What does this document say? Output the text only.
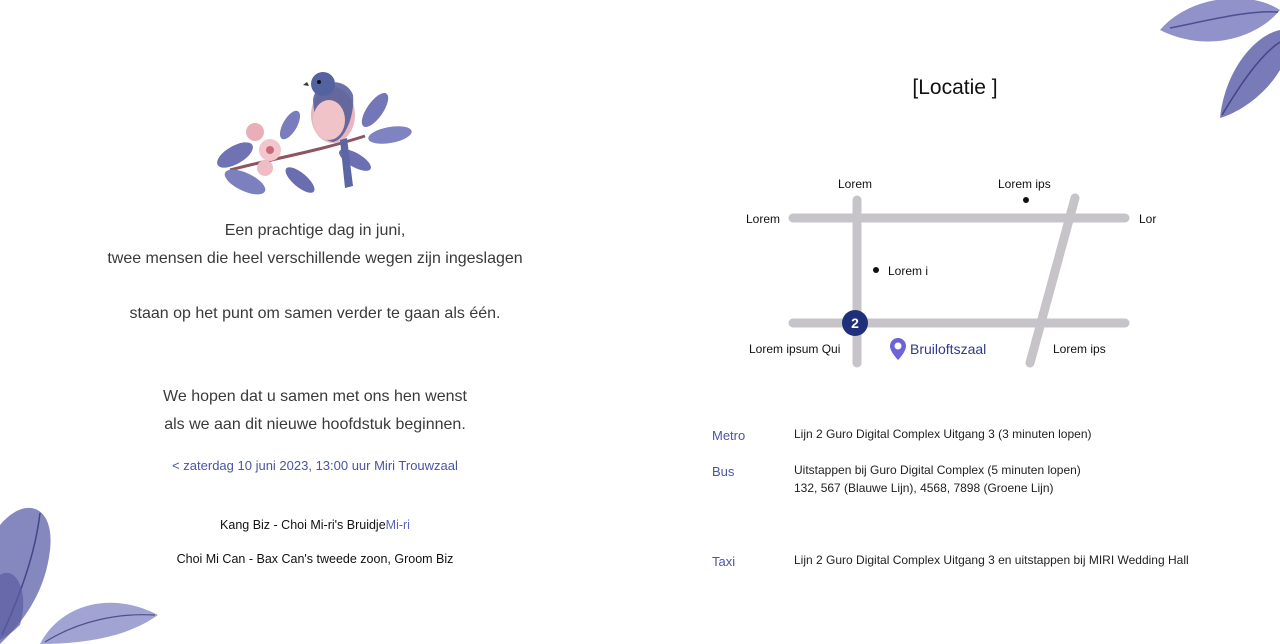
Een prachtige dag in juni,
twee mensen die heel verschillende wegen zijn ingeslagen
staan op het punt om samen verder te gaan als één.
We hopen dat u samen met ons hen wenst
als we aan dit nieuwe hoofdstuk beginnen.
< zaterdag 10 juni 2023, 13:00 uur Miri Trouwzaal
Kang Biz - Choi Mi-ri's BruidjeMi-ri
Choi Mi Can - Bax Can's tweede zoon, Groom Biz
[Locatie ]
2
Lorem	Lorem ips
Lorem	Lor
Lorem i
Lorem ipsum Qui	Lorem ips
Bruiloftszaal
Metro	Lijn 2 Guro Digital Complex Uitgang 3 (3 minuten lopen)
Bus	Uitstappen bij Guro Digital Complex (5 minuten lopen)
132, 567 (Blauwe Lijn), 4568, 7898 (Groene Lijn)
Taxi	Lijn 2 Guro Digital Complex Uitgang 3 en uitstappen bij MIRI Wedding Hall
